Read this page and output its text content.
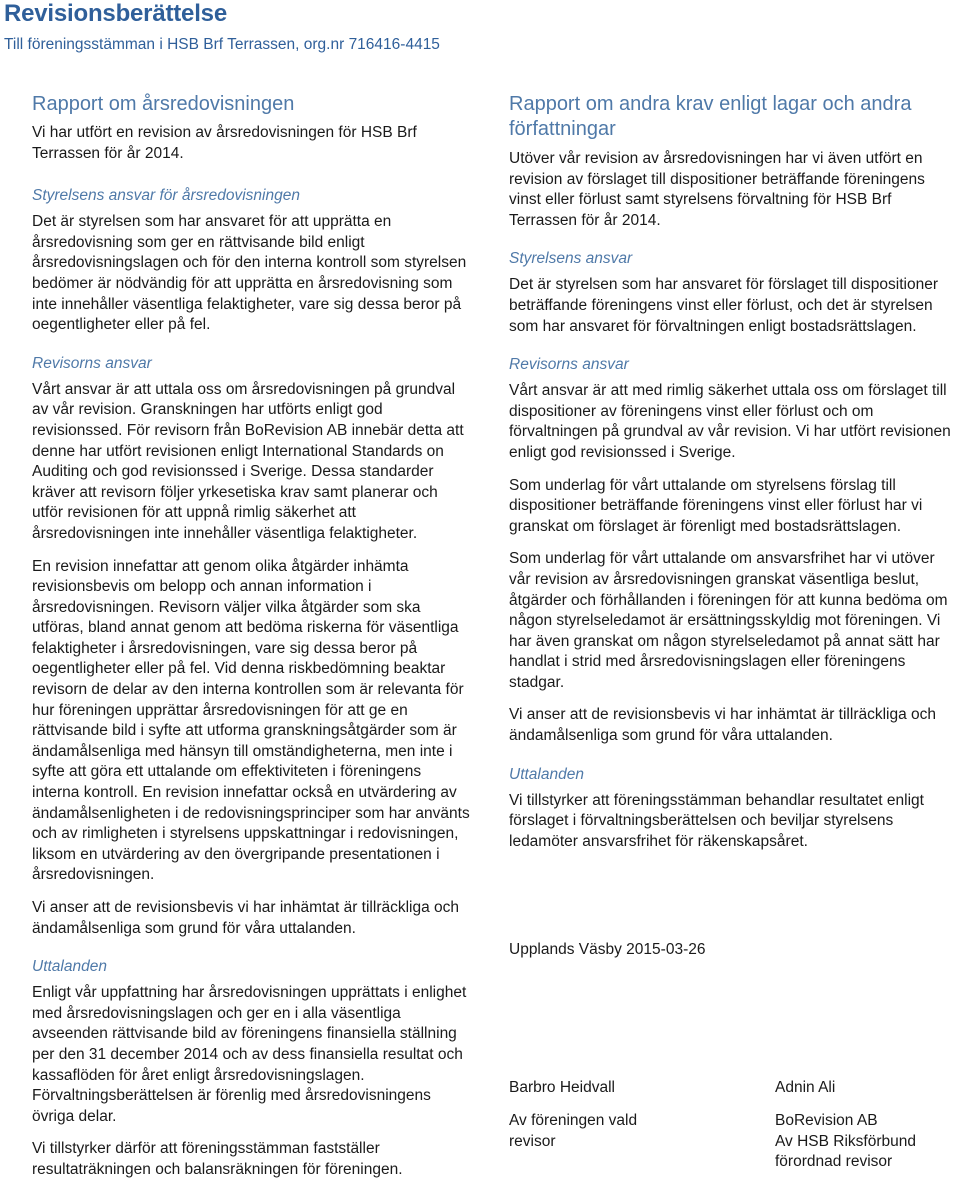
Revisionsberättelse
Till föreningsstämman i HSB Brf Terrassen, org.nr 716416-4415
Rapport om årsredovisningen

Vi har utfört en revision av årsredovisningen för HSB Brf Terrassen för år 2014.

Styrelsens ansvar för årsredovisningen

Det är styrelsen som har ansvaret för att upprätta en årsredovisning som ger en rättvisande bild enligt årsredovisningslagen och för den interna kontroll som styrelsen bedömer är nödvändig för att upprätta en årsredovisning som inte innehåller väsentliga felaktigheter, vare sig dessa beror på oegentligheter eller på fel.

Revisorns ansvar

Vårt ansvar är att uttala oss om årsredovisningen på grundval av vår revision. Granskningen har utförts enligt god revisionssed. För revisorn från BoRevision AB innebär detta att denne har utfört revisionen enligt International Standards on Auditing och god revisionssed i Sverige. Dessa standarder kräver att revisorn följer yrkesetiska krav samt planerar och utför revisionen för att uppnå rimlig säkerhet att årsredovisningen inte innehåller väsentliga felaktigheter.

En revision innefattar att genom olika åtgärder inhämta revisionsbevis om belopp och annan information i årsredovisningen. Revisorn väljer vilka åtgärder som ska utföras, bland annat genom att bedöma riskerna för väsentliga felaktigheter i årsredovisningen, vare sig dessa beror på oegentligheter eller på fel. Vid denna riskbedömning beaktar revisorn de delar av den interna kontrollen som är relevanta för hur föreningen upprättar årsredovisningen för att ge en rättvisande bild i syfte att utforma granskningsåtgärder som är ändamålsenliga med hänsyn till omständigheterna, men inte i syfte att göra ett uttalande om effektiviteten i föreningens interna kontroll. En revision innefattar också en utvärdering av ändamålsenligheten i de redovisningsprinciper som har använts och av rimligheten i styrelsens uppskattningar i redovisningen, liksom en utvärdering av den övergripande presentationen i årsredovisningen.

Vi anser att de revisionsbevis vi har inhämtat är tillräckliga och ändamålsenliga som grund för våra uttalanden.

Uttalanden

Enligt vår uppfattning har årsredovisningen upprättats i enlighet med årsredovisningslagen och ger en i alla väsentliga avseenden rättvisande bild av föreningens finansiella ställning per den 31 december 2014 och av dess finansiella resultat och kassaflöden för året enligt årsredovisningslagen. Förvaltningsberättelsen är förenlig med årsredovisningens övriga delar.

Vi tillstyrker därför att föreningsstämman fastställer resultaträkningen och balansräkningen för föreningen.

Rapport om andra krav enligt lagar och andra författningar

Utöver vår revision av årsredovisningen har vi även utfört en revision av förslaget till dispositioner beträffande föreningens vinst eller förlust samt styrelsens förvaltning för HSB Brf Terrassen för år 2014.

Styrelsens ansvar

Det är styrelsen som har ansvaret för förslaget till dispositioner beträffande föreningens vinst eller förlust, och det är styrelsen som har ansvaret för förvaltningen enligt bostadsrättslagen.

Revisorns ansvar

Vårt ansvar är att med rimlig säkerhet uttala oss om förslaget till dispositioner av föreningens vinst eller förlust och om förvaltningen på grundval av vår revision. Vi har utfört revisionen enligt god revisionssed i Sverige.

Som underlag för vårt uttalande om styrelsens förslag till dispositioner beträffande föreningens vinst eller förlust har vi granskat om förslaget är förenligt med bostadsrättslagen.

Som underlag för vårt uttalande om ansvarsfrihet har vi utöver vår revision av årsredovisningen granskat väsentliga beslut, åtgärder och förhållanden i föreningen för att kunna bedöma om någon styrelseledamot är ersättningsskyldig mot föreningen. Vi har även granskat om någon styrelseledamot på annat sätt har handlat i strid med årsredovisningslagen eller föreningens stadgar.

Vi anser att de revisionsbevis vi har inhämtat är tillräckliga och ändamålsenliga som grund för våra uttalanden.

Uttalanden

Vi tillstyrker att föreningsstämman behandlar resultatet enligt förslaget i förvaltningsberättelsen och beviljar styrelsens ledamöter ansvarsfrihet för räkenskapsåret.

Upplands Väsby 2015-03-26

Barbro Heidvall

Av föreningen vald
revisor

Adnin Ali

BoRevision AB
Av HSB Riksförbund
förordnad revisor
